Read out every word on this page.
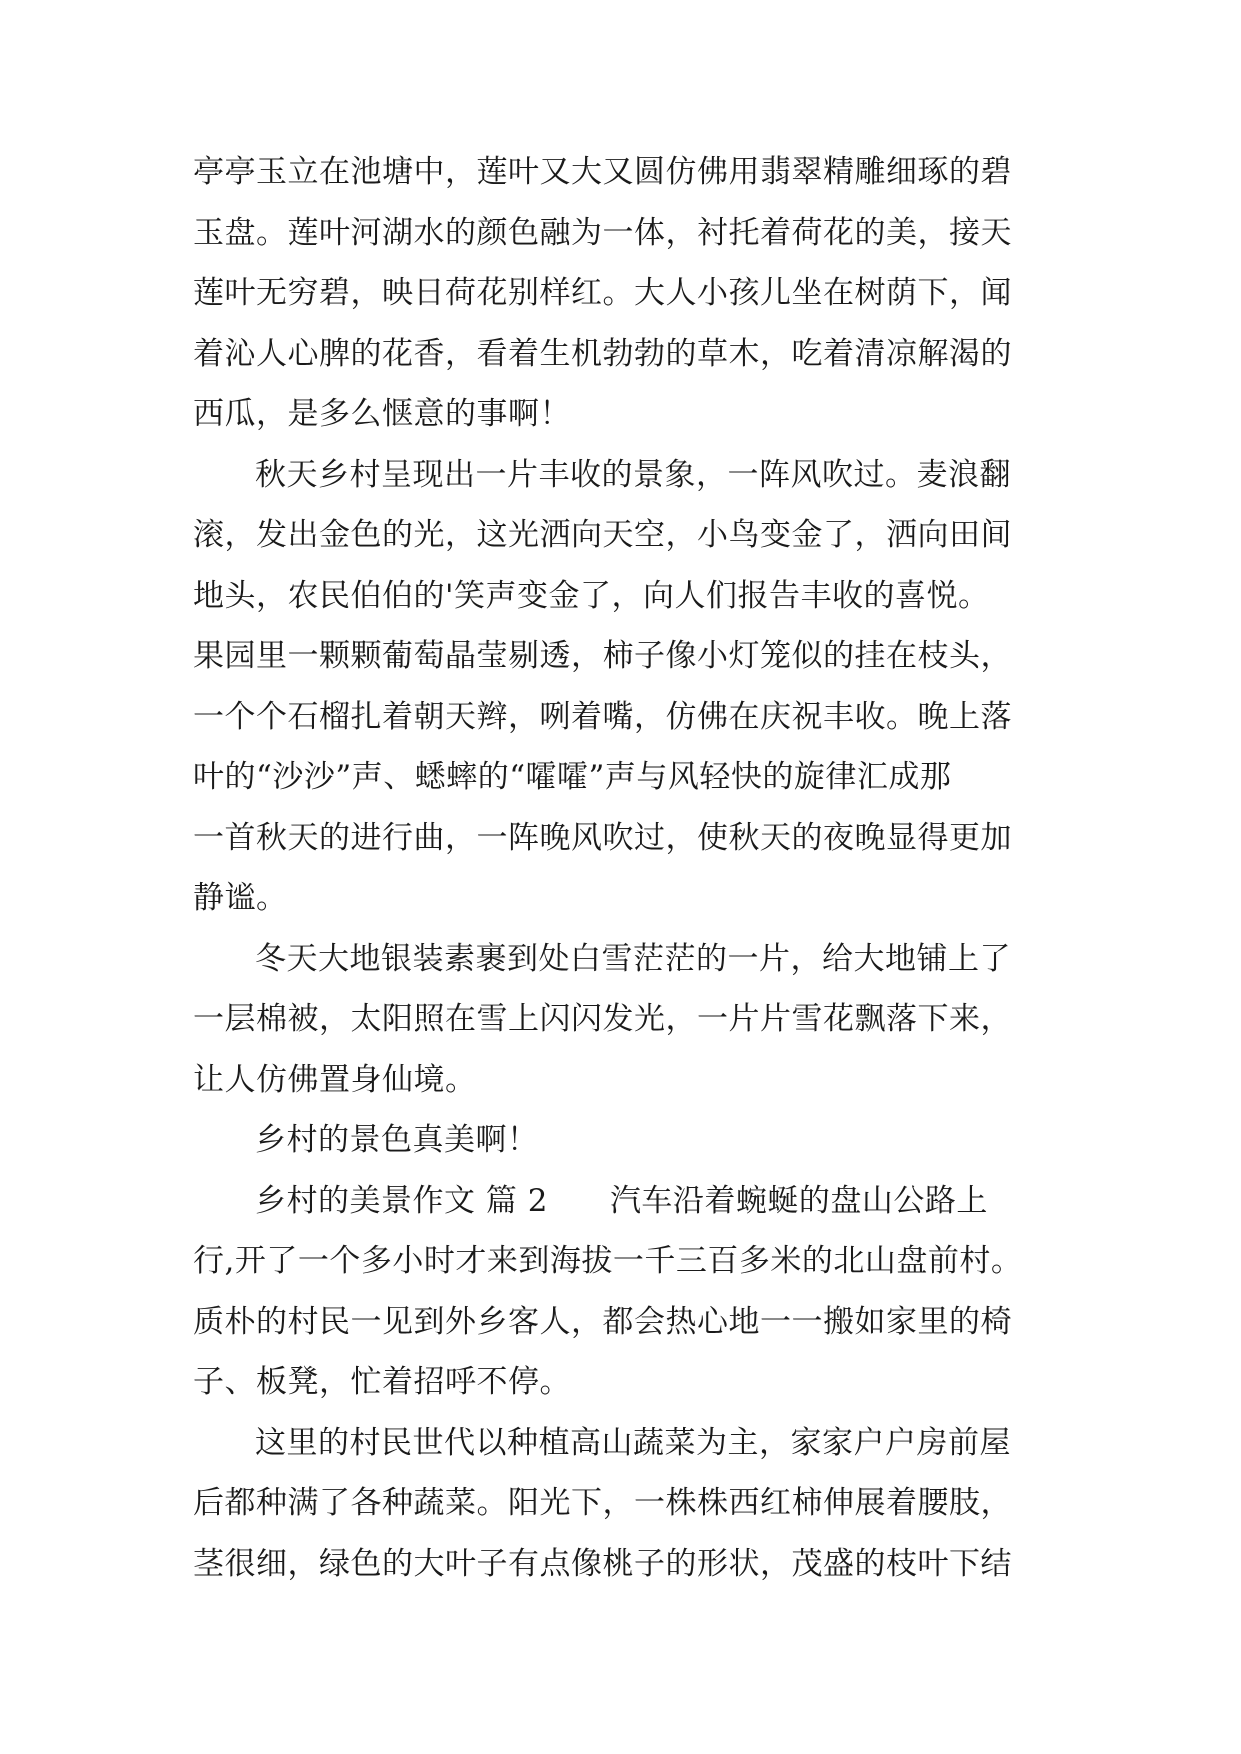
亭亭玉立在池塘中，莲叶又大又圆仿佛用翡翠精雕细琢的碧
玉盘。莲叶河湖水的颜色融为一体，衬托着荷花的美，接天
莲叶无穷碧，映日荷花别样红。大人小孩儿坐在树荫下，闻
着沁人心脾的花香，看着生机勃勃的草木，吃着清凉解渴的
西瓜，是多么惬意的事啊！
秋天乡村呈现出一片丰收的景象，一阵风吹过。麦浪翻
滚，发出金色的光，这光洒向天空，小鸟变金了，洒向田间
地头，农民伯伯的'笑声变金了，向人们报告丰收的喜悦。
果园里一颗颗葡萄晶莹剔透，柿子像小灯笼似的挂在枝头，
一个个石榴扎着朝天辫，咧着嘴，仿佛在庆祝丰收。晚上落
叶的“沙沙”声、蟋蟀的“嚯嚯”声与风轻快的旋律汇成那
一首秋天的进行曲，一阵晚风吹过，使秋天的夜晚显得更加
静谧。
冬天大地银装素裹到处白雪茫茫的一片，给大地铺上了
一层棉被，太阳照在雪上闪闪发光，一片片雪花飘落下来，
让人仿佛置身仙境。
乡村的景色真美啊！
乡村的美景作文 篇 2 汽车沿着蜿蜒的盘山公路上
行,开了一个多小时才来到海拔一千三百多米的北山盘前村。
质朴的村民一见到外乡客人，都会热心地一一搬如家里的椅
子、板凳，忙着招呼不停。
这里的村民世代以种植高山蔬菜为主，家家户户房前屋
后都种满了各种蔬菜。阳光下，一株株西红柿伸展着腰肢，
茎很细，绿色的大叶子有点像桃子的形状，茂盛的枝叶下结
